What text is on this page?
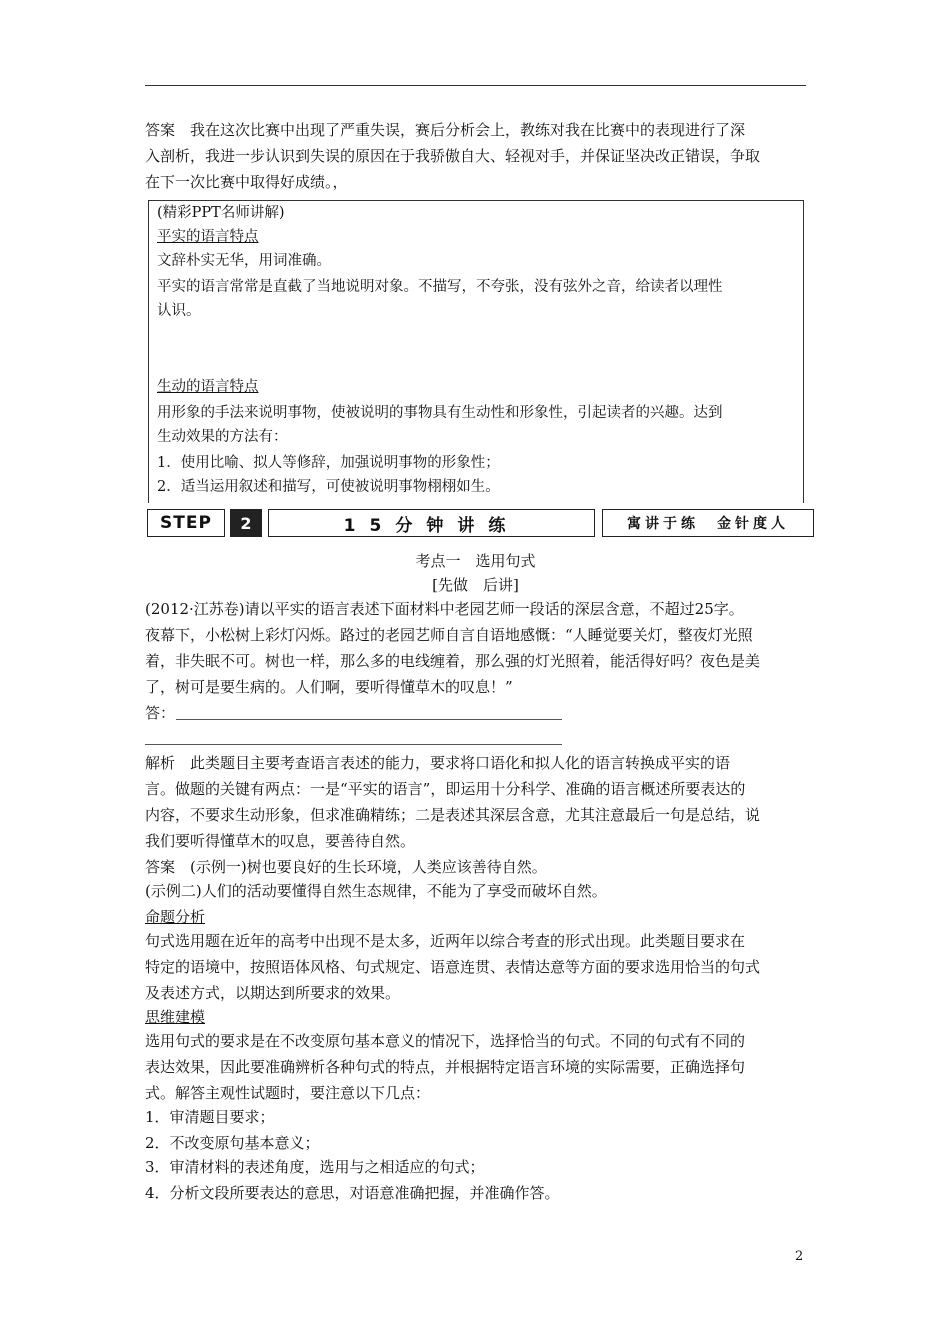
答案　我在这次比赛中出现了严重失误，赛后分析会上，教练对我在比赛中的表现进行了深
入剖析，我进一步认识到失误的原因在于我骄傲自大、轻视对手，并保证坚决改正错误，争取
在下一次比赛中取得好成绩。，
(精彩PPT名师讲解)
平实的语言特点
文辞朴实无华，用词准确。
平实的语言常常是直截了当地说明对象。不描写，不夸张，没有弦外之音，给读者以理性
认识。
生动的语言特点
用形象的手法来说明事物，使被说明的事物具有生动性和形象性，引起读者的兴趣。达到
生动效果的方法有：
1．使用比喻、拟人等修辞，加强说明事物的形象性；
2．适当运用叙述和描写，可使被说明事物栩栩如生。
STEP	2	15分钟讲练	寓讲于练　金针度人
考点一　选用句式
[先做　后讲]
(2012·江苏卷)请以平实的语言表述下面材料中老园艺师一段话的深层含意，不超过25字。
夜幕下，小松树上彩灯闪烁。路过的老园艺师自言自语地感慨：“人睡觉要关灯，整夜灯光照
着，非失眠不可。树也一样，那么多的电线缠着，那么强的灯光照着，能活得好吗？夜色是美
了，树可是要生病的。人们啊，要听得懂草木的叹息！”
答：
解析　此类题目主要考查语言表述的能力，要求将口语化和拟人化的语言转换成平实的语
言。做题的关键有两点：一是“平实的语言”，即运用十分科学、准确的语言概述所要表达的
内容，不要求生动形象，但求准确精练；二是表述其深层含意，尤其注意最后一句是总结，说
我们要听得懂草木的叹息，要善待自然。
答案　(示例一)树也要良好的生长环境，人类应该善待自然。
(示例二)人们的活动要懂得自然生态规律，不能为了享受而破坏自然。
命题分析
句式选用题在近年的高考中出现不是太多，近两年以综合考查的形式出现。此类题目要求在
特定的语境中，按照语体风格、句式规定、语意连贯、表情达意等方面的要求选用恰当的句式
及表述方式，以期达到所要求的效果。
思维建模
选用句式的要求是在不改变原句基本意义的情况下，选择恰当的句式。不同的句式有不同的
表达效果，因此要准确辨析各种句式的特点，并根据特定语言环境的实际需要，正确选择句
式。解答主观性试题时，要注意以下几点：
1．审清题目要求；
2．不改变原句基本意义；
3．审清材料的表述角度，选用与之相适应的句式；
4．分析文段所要表达的意思，对语意准确把握，并准确作答。
2
